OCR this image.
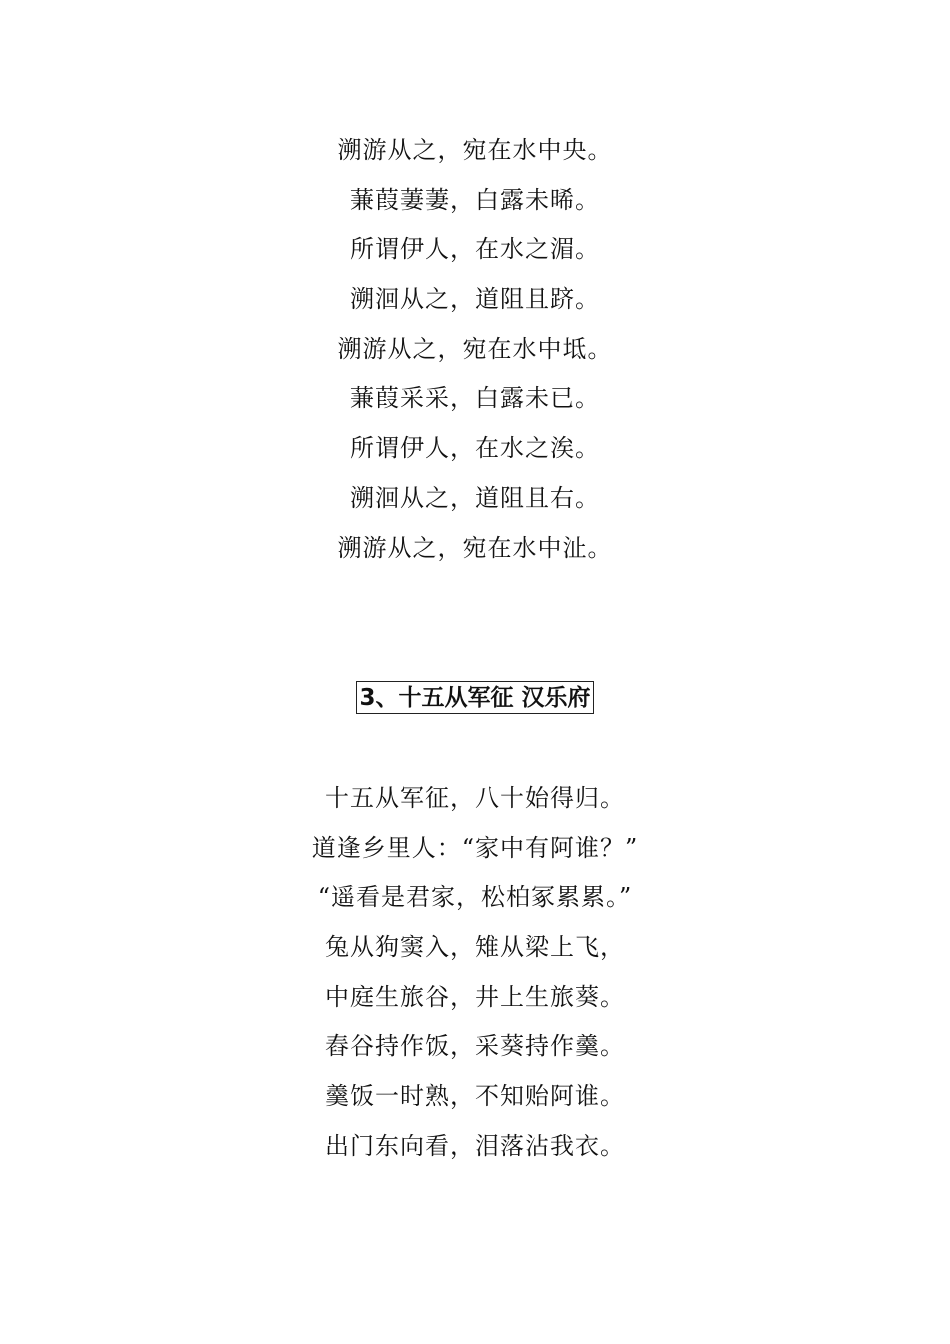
溯游从之，宛在水中央。
蒹葭萋萋，白露未晞。
所谓伊人，在水之湄。
溯洄从之，道阻且跻。
溯游从之，宛在水中坻。
蒹葭采采，白露未已。
所谓伊人，在水之涘。
溯洄从之，道阻且右。
溯游从之，宛在水中沚。
3、十五从军征 汉乐府
十五从军征，八十始得归。
道逢乡里人：“家中有阿谁？”
“遥看是君家，松柏冢累累。”
兔从狗窦入，雉从梁上飞，
中庭生旅谷，井上生旅葵。
舂谷持作饭，采葵持作羹。
羹饭一时熟，不知贻阿谁。
出门东向看，泪落沾我衣。
